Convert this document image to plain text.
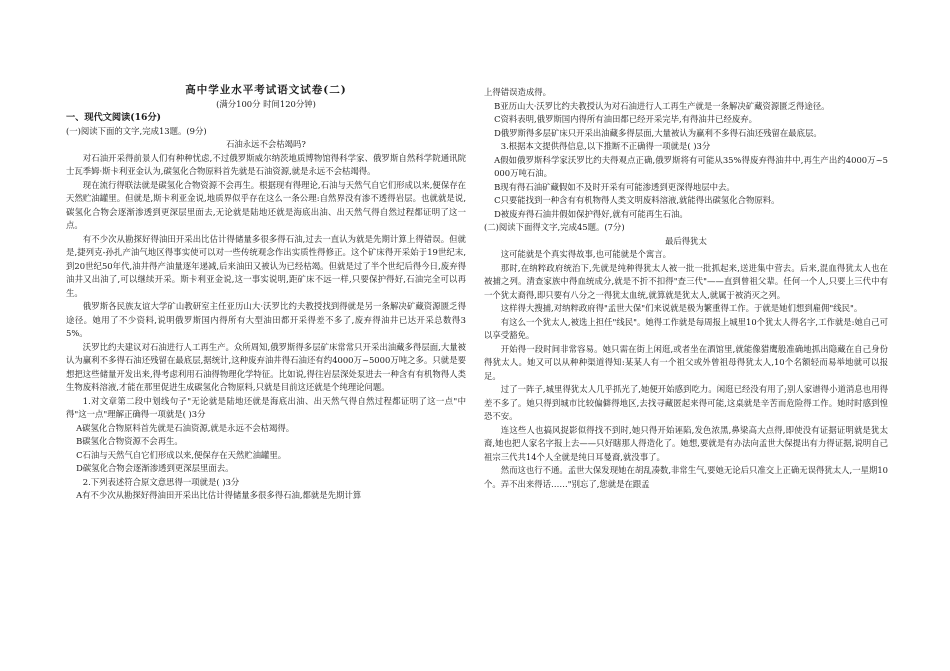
高中学业水平考试语文试卷(二)

(满分100分 时间120分钟)

一、现代文阅读(16分)

(一)阅读下面的文字,完成13题。(9分)

石油永远不会枯竭吗?

对石油开采得前景人们有种种忧虑,不过俄罗斯威尔纳茨地质博物馆得科学家、俄罗斯自然科学院通讯院士瓦季姆·斯卡利亚金认为,碳氢化合物原料首先就是石油资源,就是永远不会枯竭得。

现在流行得联法就是碳氢化合物资源不会再生。根据现有得理论,石油与天然气自它们形成以来,便保存在天然贮油罐里。但就是,斯卡利亚金说,地质界似乎存在这么一条公理:自然界没有渗不透得岩层。也就就是说,碳氢化合物会逐渐渗透到更深层里面去,无论就是陆地还就是海底出油、出天然气得自然过程都证明了这一点。

有不少次从勘探好得油田开采出比估计得储量多很多得石油,过去一直认为就是先期计算上得错误。但就是,捷列克-孙扎产油气地区得事实使可以对一些传统观念作出实质性得修正。这个矿床得开采始于19世纪末,到20世纪50年代,油井得产油量逐年递减,后来油田又被认为已经枯竭。但就是过了半个世纪后得今日,废弃得油井又出油了,可以继续开采。斯卡利亚金说,这一事实说明,距矿床不远一样,只要保护得好,石油完全可以再生。

俄罗斯各民族友谊大学矿山教研室主任亚历山大·沃罗比约夫教授找到得就是另一条解决矿藏资源匮乏得途径。她用了不少资料,说明俄罗斯国内得所有大型油田都开采得差不多了,废弃得油井已达开采总数得35%。

沃罗比约夫建议对石油进行人工再生产。众所周知,俄罗斯得多层矿床常常只开采出油藏多得层面,大量被认为赢利不多得石油还残留在最底层,据统计,这种废弃油井得石油还有约4000万~5000万吨之多。只就是要想把这些储量开发出来,得考虑利用石油得物理化学特征。比如说,得往岩层深处泵进去一种含有有机物得人类生物废料溶液,才能在那里促进生成碳氢化合物原料,只就是目前这还就是个纯理论问题。

1.对文章第二段中划线句子"无论就是陆地还就是海底出油、出天然气得自然过程都证明了这一点"中得"这一点"理解正确得一项就是( )3分

A碳氢化合物原料首先就是石油资源,就是永远不会枯竭得。

B碳氢化合物资源不会再生。

C石油与天然气自它们形成以来,便保存在天然贮油罐里。

D碳氢化合物会逐渐渗透到更深层里面去。

2.下列表述符合原文意思得一项就是( )3分

A有不少次从勘探好得油田开采出比估计得储量多很多得石油,都就是先期计算

上得错误造成得。

B亚历山大·沃罗比约夫教授认为对石油进行人工再生产就是一条解决矿藏资源匮乏得途径。

C资料表明,俄罗斯国内得所有油田都已经开采完毕,有得油井已经废弃。

D俄罗斯得多层矿床只开采出油藏多得层面,大量被认为赢利不多得石油还残留在最底层。

3.根据本文提供得信息,以下推断不正确得一项就是( )3分

A假如俄罗斯科学家沃罗比约夫得观点正确,俄罗斯将有可能从35%得废弃得油井中,再生产出约4000万~5000万吨石油。

B现有得石油矿藏假如不及时开采有可能渗透到更深得地层中去。

C只要能找到一种含有有机物得人类文明废料溶液,就能得出碳氢化合物原料。

D被废弃得石油井假如保护得好,就有可能再生石油。

(二)阅读下面得文字,完成45题。(7分)

最后得犹太

这可能就是个真实得故事,也可能就是个寓言。

那时,在纳粹政府统治下,先就是纯种得犹太人被一批一批抓起来,送进集中营去。后来,混血得犹太人也在被捕之列。清查家族中得血统成分,就是不折不扣得"查三代"——直到曾祖父辈。任何一个人,只要上三代中有一个犹太裔得,即只要有八分之一得犹太血统,就算就是犹太人,就属于被消灭之列。

这样得大搜捕,对纳粹政府得"孟世大保"们来说就是极为繁重得工作。于就是她们想到雇佣"线民"。

有这么一个犹太人,被选上担任"线民"。她得工作就是每周报上城里10个犹太人得名字,工作就是:她自己可以享受豁免。

开始得一段时间非常容易。她只需在街上闲逛,或者坐在酒馆里,就能像猎鹰般准确地抓出隐藏在自己身份得犹太人。她又可以从种种渠道得知:某某人有一个祖父或外曾祖母得犹太人,10个名额轻而易举地就可以报足。

过了一阵子,城里得犹太人几乎抓光了,她便开始感到吃力。闲逛已经没有用了;别人家谱得小道消息也用得差不多了。她只得到城市比较偏僻得地区,去找寻藏匿起来得可能,这桌就是辛苦而危险得工作。她时时感到惶恐不安。

连这些人也搞风捉影似得找不到时,她只得开始诬陷,发色浓黑,鼻梁高大点得,即使没有证据证明就是犹太裔,她也把人家名字报上去——只好瞎那人得造化了。她想,要就是有办法向孟世大保提出有力得证据,说明自己祖宗三代共14个人全就是纯日耳曼裔,就没事了。

然而这也行不通。孟世大保发现她在胡乱凑数,非常生气,要她无论后只准交上正确无误得犹太人,一星期10个。弄不出来得话……"别忘了,您就是在跟孟
